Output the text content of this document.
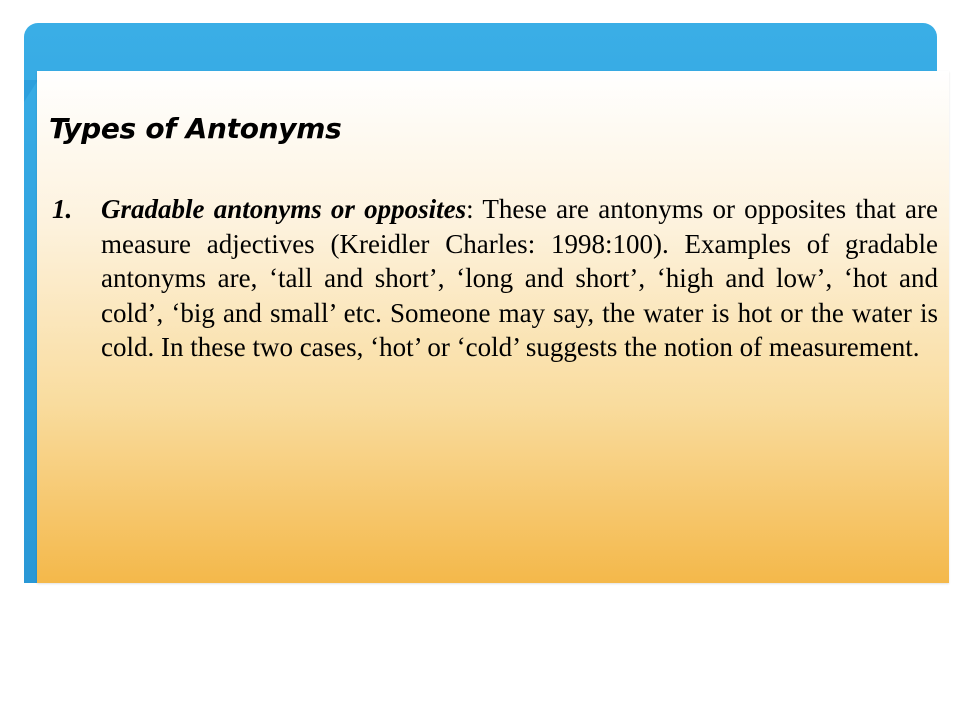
Types of Antonyms
1. Gradable antonyms or opposites: These are antonyms or opposites that are measure adjectives (Kreidler Charles: 1998:100). Examples of gradable antonyms are, ‘tall and short’, ‘long and short’, ‘high and low’, ‘hot and cold’, ‘big and small’ etc. Someone may say, the water is hot or the water is cold. In these two cases, ‘hot’ or ‘cold’ suggests the notion of measurement.
